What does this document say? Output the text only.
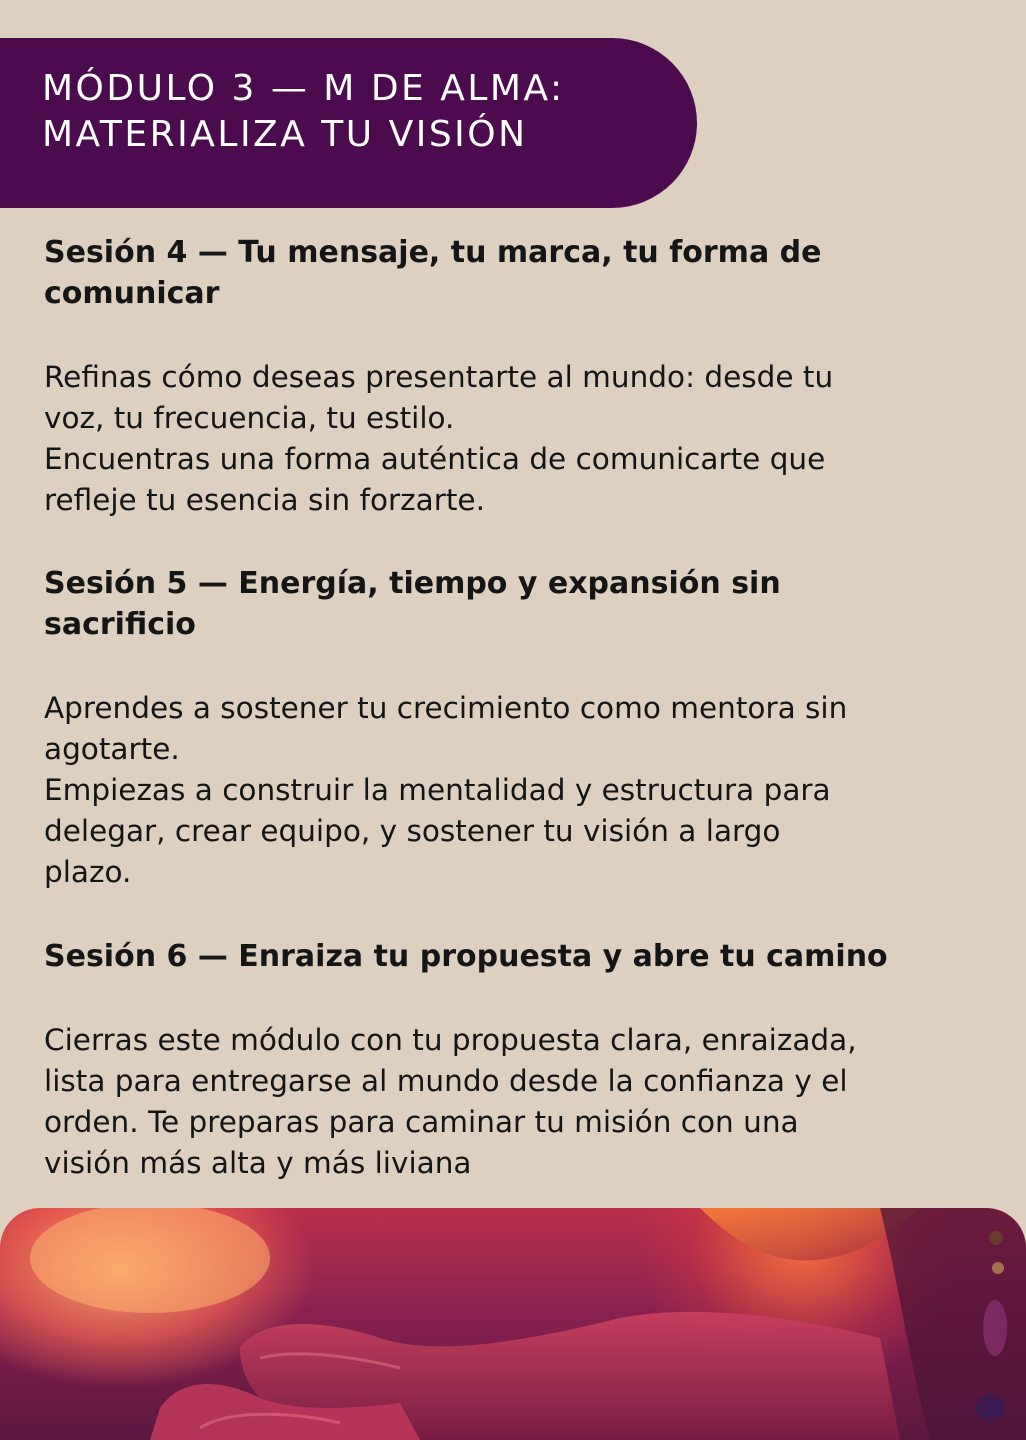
MÓDULO 3 — M DE ALMA:
MATERIALIZA TU VISIÓN
Sesión 4 — Tu mensaje, tu marca, tu forma de
comunicar

Refinas cómo deseas presentarte al mundo: desde tu
voz, tu frecuencia, tu estilo.
Encuentras una forma auténtica de comunicarte que
refleje tu esencia sin forzarte.

Sesión 5 — Energía, tiempo y expansión sin
sacrificio

Aprendes a sostener tu crecimiento como mentora sin
agotarte.
Empiezas a construir la mentalidad y estructura para
delegar, crear equipo, y sostener tu visión a largo
plazo.

Sesión 6 — Enraiza tu propuesta y abre tu camino

Cierras este módulo con tu propuesta clara, enraizada,
lista para entregarse al mundo desde la confianza y el
orden. Te preparas para caminar tu misión con una
visión más alta y más liviana
